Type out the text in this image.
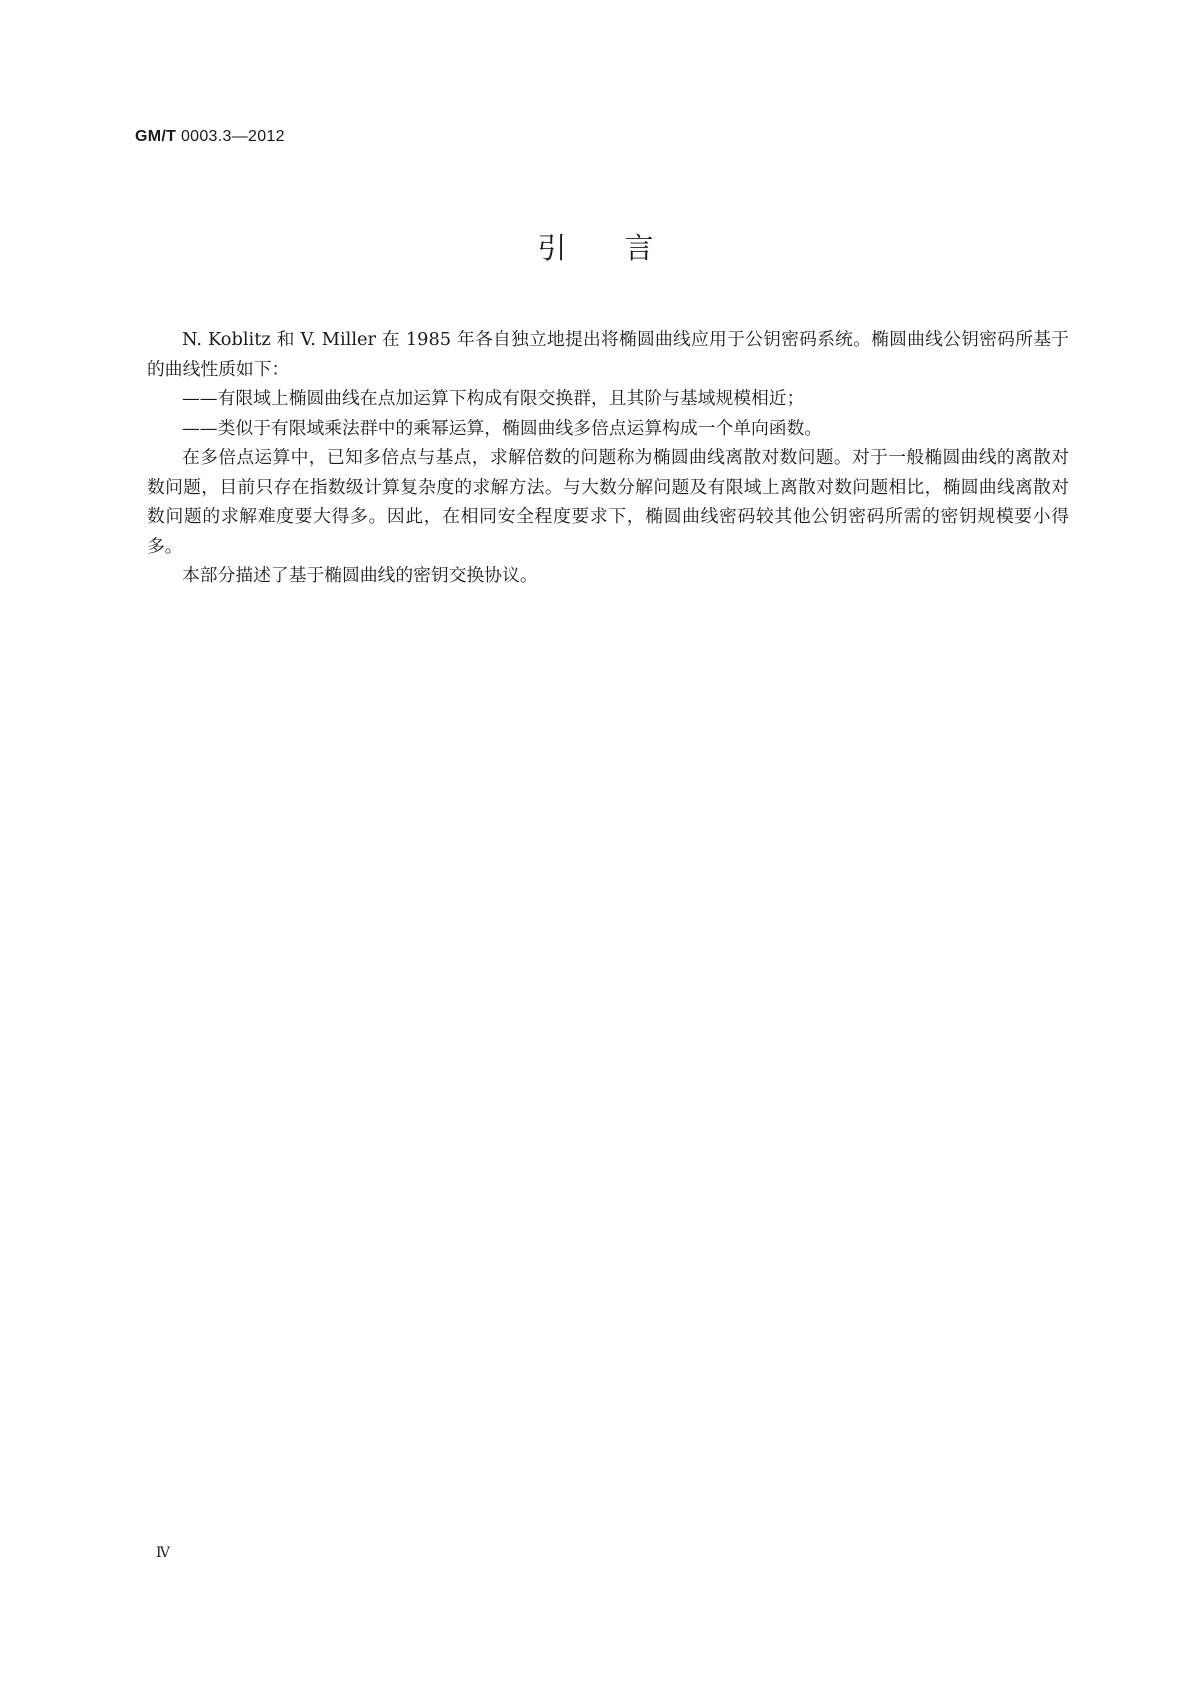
GM/T 0003.3—2012
引言

N. Koblitz 和 V. Miller 在 1985 年各自独立地提出将椭圆曲线应用于公钥密码系统。椭圆曲线公钥密码所基于的曲线性质如下：

——有限域上椭圆曲线在点加运算下构成有限交换群，且其阶与基域规模相近；

——类似于有限域乘法群中的乘幂运算，椭圆曲线多倍点运算构成一个单向函数。

在多倍点运算中，已知多倍点与基点，求解倍数的问题称为椭圆曲线离散对数问题。对于一般椭圆曲线的离散对数问题，目前只存在指数级计算复杂度的求解方法。与大数分解问题及有限域上离散对数问题相比，椭圆曲线离散对数问题的求解难度要大得多。因此，在相同安全程度要求下，椭圆曲线密码较其他公钥密码所需的密钥规模要小得多。

本部分描述了基于椭圆曲线的密钥交换协议。

Ⅳ
